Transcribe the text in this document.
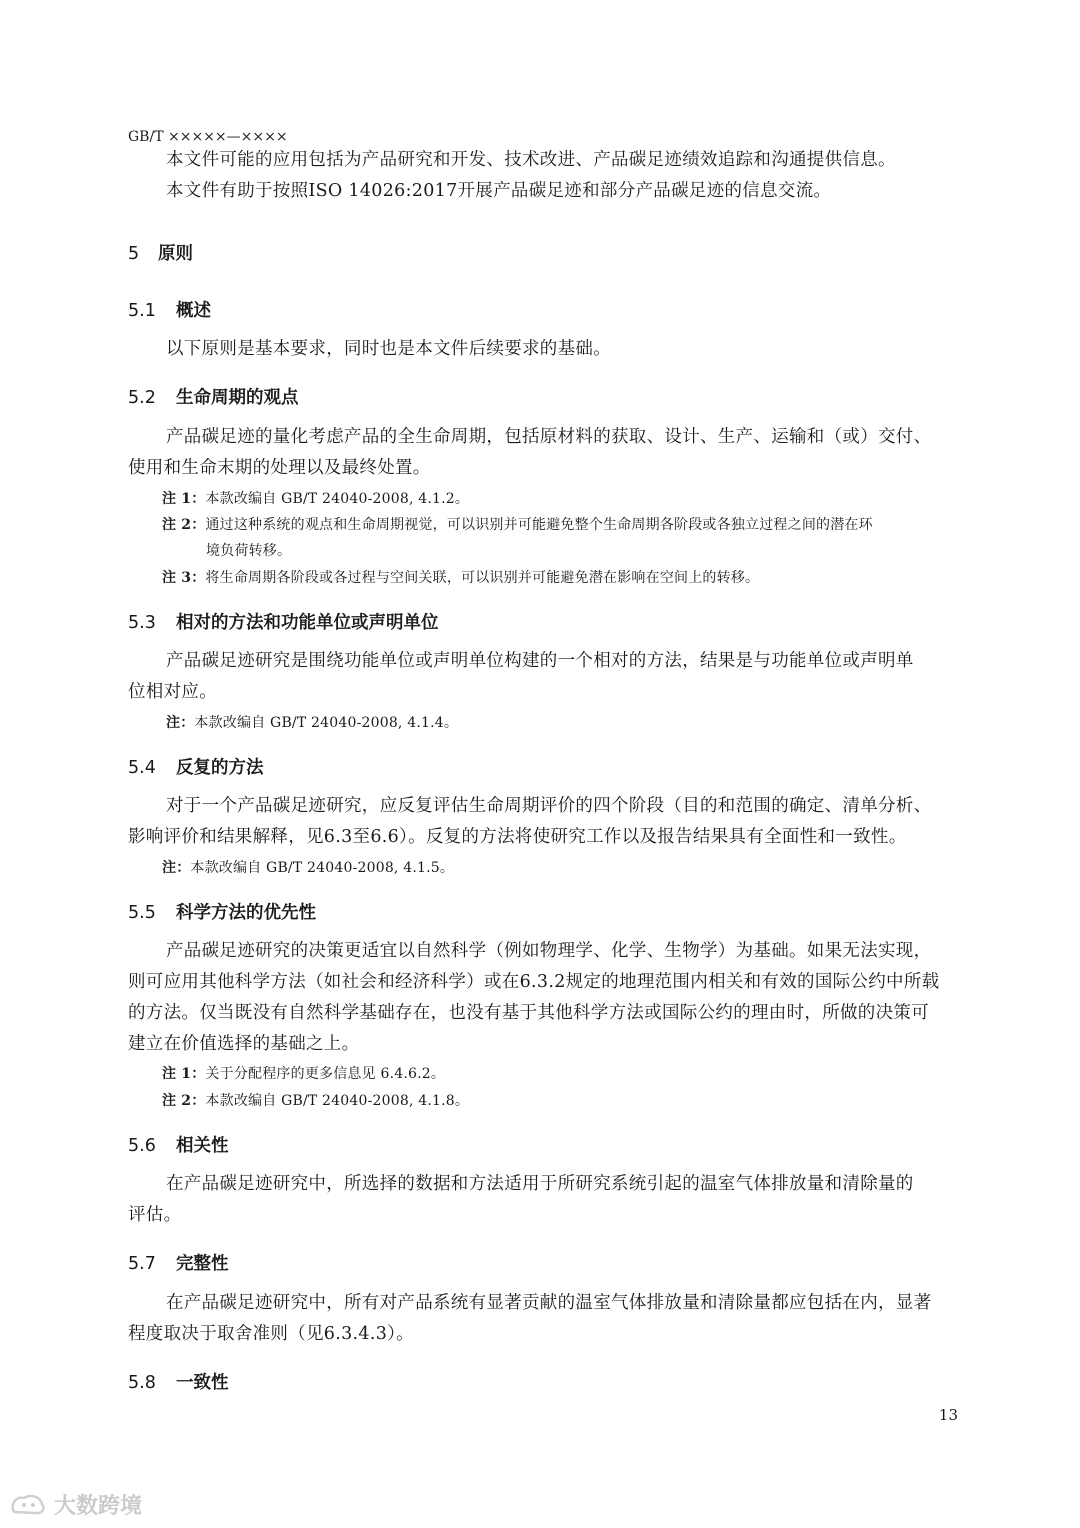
GB/T ×××××—××××
本文件可能的应用包括为产品研究和开发、技术改进、产品碳足迹绩效追踪和沟通提供信息。
本文件有助于按照ISO 14026:2017开展产品碳足迹和部分产品碳足迹的信息交流。
5 原则
5.1 概述
以下原则是基本要求，同时也是本文件后续要求的基础。
5.2 生命周期的观点
产品碳足迹的量化考虑产品的全生命周期，包括原材料的获取、设计、生产、运输和（或）交付、
使用和生命末期的处理以及最终处置。
注 1：本款改编自 GB/T 24040-2008, 4.1.2。
注 2：通过这种系统的观点和生命周期视觉，可以识别并可能避免整个生命周期各阶段或各独立过程之间的潜在环
境负荷转移。
注 3：将生命周期各阶段或各过程与空间关联，可以识别并可能避免潜在影响在空间上的转移。
5.3 相对的方法和功能单位或声明单位
产品碳足迹研究是围绕功能单位或声明单位构建的一个相对的方法，结果是与功能单位或声明单
位相对应。
注：本款改编自 GB/T 24040-2008, 4.1.4。
5.4 反复的方法
对于一个产品碳足迹研究，应反复评估生命周期评价的四个阶段（目的和范围的确定、清单分析、
影响评价和结果解释，见6.3至6.6）。反复的方法将使研究工作以及报告结果具有全面性和一致性。
注：本款改编自 GB/T 24040-2008, 4.1.5。
5.5 科学方法的优先性
产品碳足迹研究的决策更适宜以自然科学（例如物理学、化学、生物学）为基础。如果无法实现，
则可应用其他科学方法（如社会和经济科学）或在6.3.2规定的地理范围内相关和有效的国际公约中所载
的方法。仅当既没有自然科学基础存在，也没有基于其他科学方法或国际公约的理由时，所做的决策可
建立在价值选择的基础之上。
注 1：关于分配程序的更多信息见 6.4.6.2。
注 2：本款改编自 GB/T 24040-2008, 4.1.8。
5.6 相关性
在产品碳足迹研究中，所选择的数据和方法适用于所研究系统引起的温室气体排放量和清除量的
评估。
5.7 完整性
在产品碳足迹研究中，所有对产品系统有显著贡献的温室气体排放量和清除量都应包括在内，显著
程度取决于取舍准则（见6.3.4.3）。
5.8 一致性
13
大数跨境
